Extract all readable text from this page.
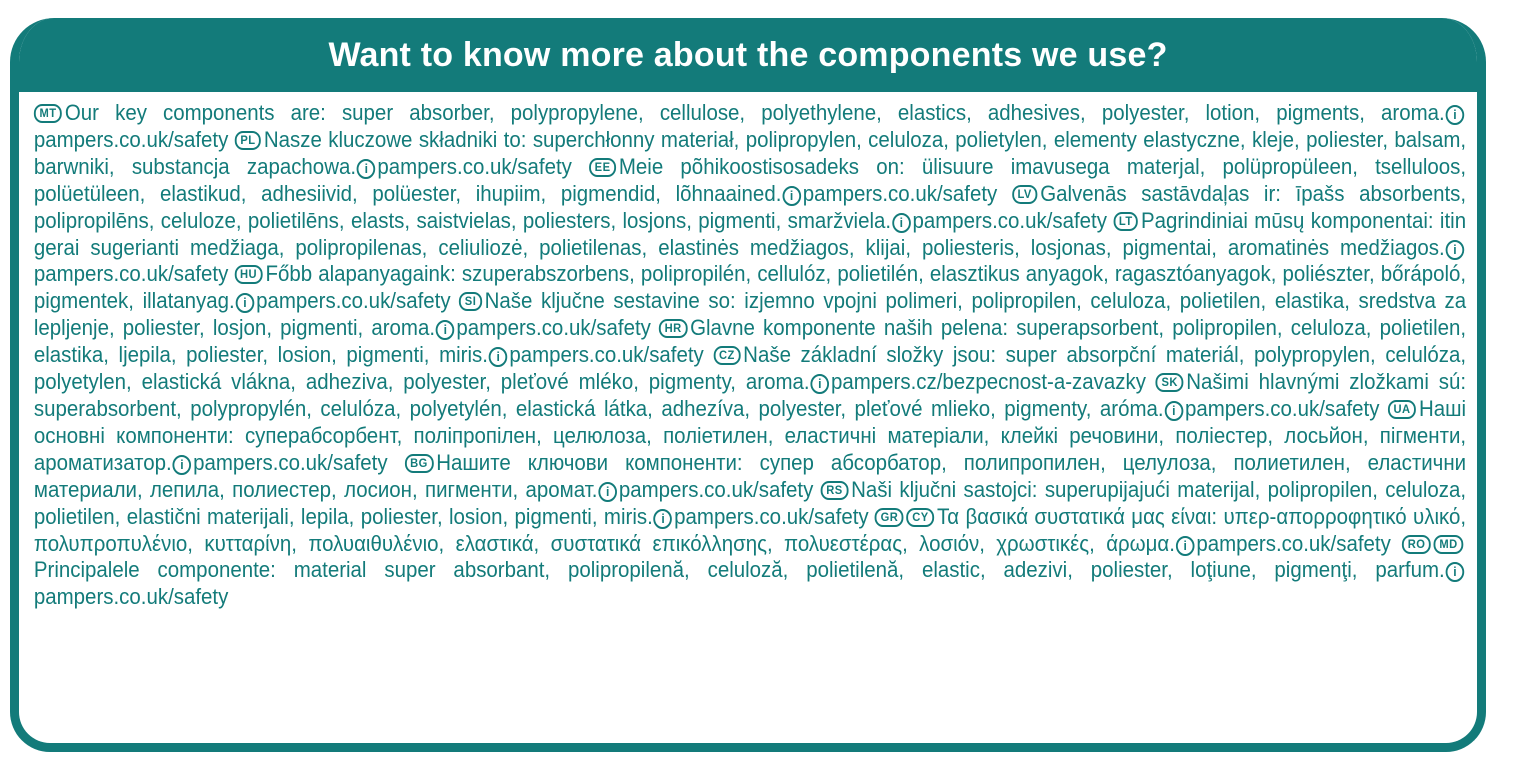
Want to know more about the components we use?
MT Our key components are: super absorber, polypropylene, cellulose, polyethylene, elastics, adhesives, polyester, lotion, pigments, aroma. ipampers.co.uk/safety PL Nasze kluczowe składniki to: superchłonny materiał, polipropylen, celuloza, polietylen, elementy elastyczne, kleje, poliester, balsam, barwniki, substancja zapachowa. i pampers.co.uk/safety EE Meie põhikoostisosadeks on: ülisuure imavusega materjal, polüpropüleen, tselluloos, polüetüleen, elastikud, adhesiivid, polüester, ihupiim, pigmendid, lõhnaained. i pampers.co.uk/safety LV Galvenās sastāvdaļas ir: īpašs absorbents, polipropilēns, celuloze, polietilēns, elasts, saistvielas, poliesters, losjons, pigmenti, smaržviela. i pampers.co.uk/safety LT Pagrindiniai mūsų komponentai: itin gerai sugerianti medžiaga, polipropilenas, celiuliozė, polietilenas, elastinės medžiagos, klijai, poliesteris, losjonas, pigmentai, aromatinės medžiagos. ipampers.co.uk/safety HU Főbb alapanyagaink: szuperabszorbens, polipropilén, cellulóz, polietilén, elasztikus anyagok, ragasztóanyagok, poliészter, bőrápoló, pigmentek, illatanyag. i pampers.co.uk/safety SI Naše ključne sestavine so: izjemno vpojni polimeri, polipropilen, celuloza, polietilen, elastika, sredstva za lepljenje, poliester, losjon, pigmenti, aroma. i pampers.co.uk/safety HR Glavne komponente naših pelena: superapsorbent, polipropilen, celuloza, polietilen, elastika, ljepila, poliester, losion, pigmenti, miris. i pampers.co.uk/safety CZ Naše základní složky jsou: super absorpční materiál, polypropylen, celulóza, polyetylen, elastická vlákna, adheziva, polyester, pleťové mléko, pigmenty, aroma. i pampers.cz/bezpecnost-a-zavazky SK Našimi hlavnými zložkami sú: superabsorbent, polypropylén, celulóza, polyetylén, elastická látka, adhezíva, polyester, pleťové mlieko, pigmenty, aróma. i pampers.co.uk/safety UA Наші основні компоненти: суперабсорбент, поліпропілен, целюлоза, поліетилен, еластичні матеріали, клейкі речовини, поліестер, лосьйон, пігменти, ароматизатор. i pampers.co.uk/safety BG Нашите ключови компоненти: супер абсорбатор, полипропилен, целулоза, полиетилен, еластични материали, лепила, полиестер, лосион, пигменти, аромат. i pampers.co.uk/safety RS Naši ključni sastojci: superupijajući materijal, polipropilen, celuloza, polietilen, elastični materijali, lepila, poliester, losion, pigmenti, miris. i pampers.co.uk/safety GR CY Τα βασικά συστατικά μας είναι: υπερ-απορροφητικό υλικό, πολυπροπυλένιο, κυτταρίνη, πολυαιθυλένιο, ελαστικά, συστατικά επικόλλησης, πολυεστέρας, λοσιόν, χρωστικές, άρωμα. i pampers.co.uk/safety RO MDPrincipalele componente: material super absorbant, polipropilenă, celuloză, polietilenă, elastic, adezivi, poliester, loţiune, pigmenţi, parfum. ipampers.co.uk/safety
